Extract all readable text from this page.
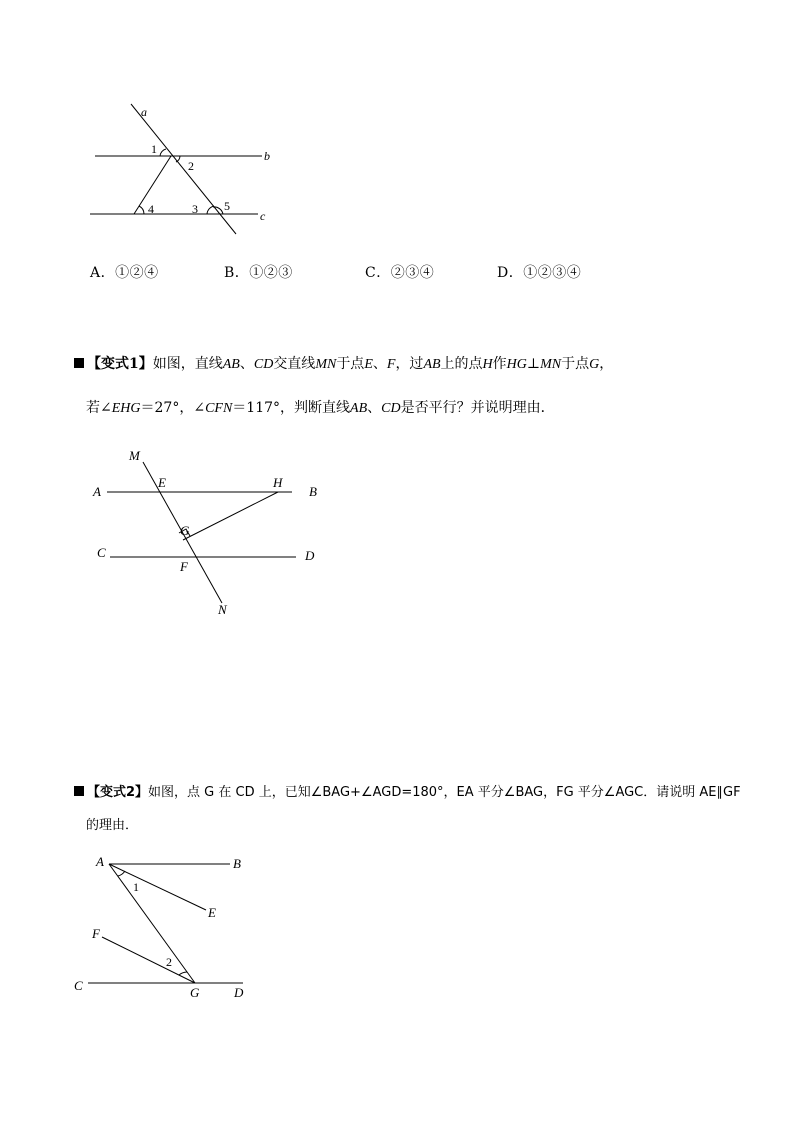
a
b
c
1
2
4	3 5
A．①②④	B．①②③	C．②③④	D．①②③④
【变式1】如图，直线AB、CD交直线MN于点E、F，过AB上的点H作HG⊥MN于点G，
若∠EHG＝27°，∠CFN＝117°，判断直线AB、CD是否平行？并说明理由．
M
E	H
A	B
G
C	D
F
N
【变式2】如图，点 G 在 CD 上，已知∠BAG+∠AGD=180°，EA 平分∠BAG，FG 平分∠AGC．请说明 AE∥GF
的理由．
A	B
1
E
F
2
C	G	D
